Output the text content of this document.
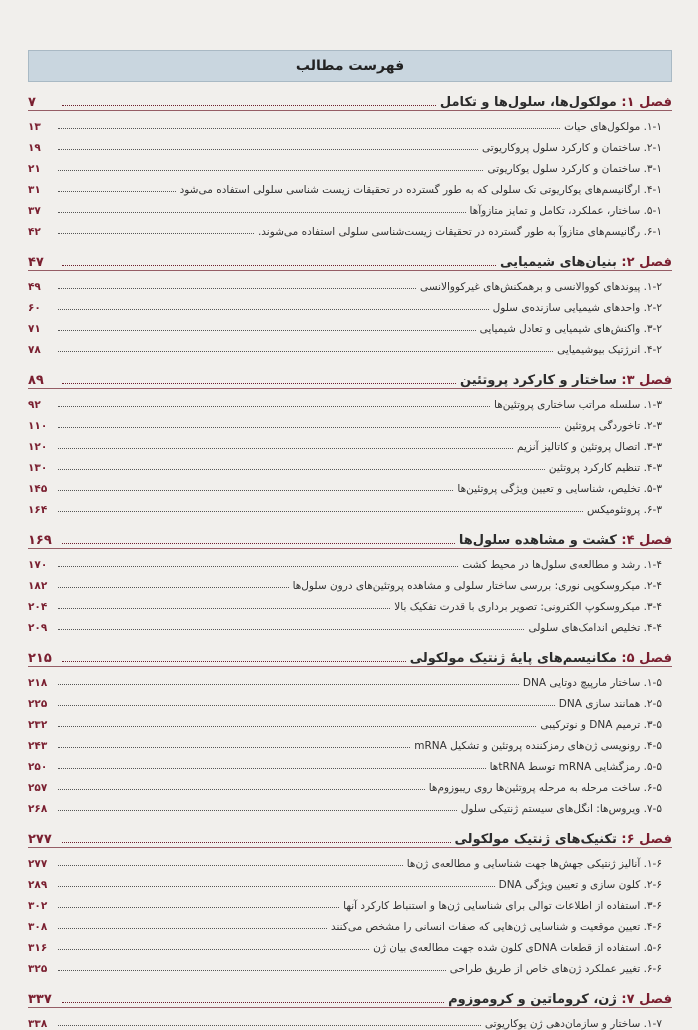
فهرست مطالب
فصل ۱: مولکول‌ها، سلول‌ها و تکامل
۷
۱-۱. مولکول‌های حیات
۱۳
۲-۱. ساختمان و کارکرد سلول پروکاریوتی
۱۹
۳-۱. ساختمان و کارکرد سلول یوکاریوتی
۲۱
۴-۱. ارگانیسم‌های یوکاریوتی تک سلولی که به طور گسترده در تحقیقات زیست شناسی سلولی استفاده می‌شود
۳۱
۵-۱. ساختار، عملکرد، تکامل و تمایز متازوآها
۳۷
۶-۱. رگانیسم‌های متازوآ به طور گسترده در تحقیقات زیست‌شناسی سلولی استفاده می‌شوند.
۴۲
فصل ۲: بنیان‌های شیمیایی
۴۷
۱-۲. پیوندهای کووالانسی و برهمکنش‌های غیرکووالانسی
۴۹
۲-۲. واحدهای شیمیایی سازنده‌ی سلول
۶۰
۳-۲. واکنش‌های شیمیایی و تعادل شیمیایی
۷۱
۴-۲. انرژتیک بیوشیمیایی
۷۸
فصل ۳: ساختار و کارکرد پروتئین
۸۹
۱-۳. سلسله مراتب ساختاری پروتئین‌ها
۹۲
۲-۳. تاخوردگی پروتئین
۱۱۰
۳-۳. اتصال پروتئین و کاتالیز آنزیم
۱۲۰
۴-۳. تنظیم کارکرد پروتئین
۱۳۰
۵-۳. تخلیص، شناسایی و تعیین ویژگی پروتئین‌ها
۱۴۵
۶-۳. پروتئومیکس
۱۶۴
فصل ۴: کشت و مشاهده سلول‌ها
۱۶۹
۱-۴. رشد و مطالعه‌ی سلول‌ها در محیط کشت
۱۷۰
۲-۴. میکروسکوپی نوری: بررسی ساختار سلولی و مشاهده پروتئین‌های درون سلول‌ها
۱۸۲
۳-۴. میکروسکوپ الکترونی: تصویر برداری با قدرت تفکیک بالا
۲۰۴
۴-۴. تخلیص اندامک‌های سلولی
۲۰۹
فصل ۵: مکانیسم‌های پایهٔ ژنتیک مولکولی
۲۱۵
۱-۵. ساختار مارپیچ دوتایی DNA
۲۱۸
۲-۵. همانند سازی DNA
۲۲۵
۳-۵. ترمیم DNA و نوترکیبی
۲۳۲
۴-۵. رونویسی ژن‌های رمزکننده پروتئین و تشکیل mRNA
۲۴۳
۵-۵. رمزگشایی mRNA توسط tRNAها
۲۵۰
۶-۵. ساخت مرحله به مرحله پروتئین‌ها روی ریبوزوم‌ها
۲۵۷
۷-۵. ویروس‌ها: انگل‌های سیستم ژنتیکی سلول
۲۶۸
فصل ۶: تکنیک‌های ژنتیک مولکولی
۲۷۷
۱-۶. آنالیز ژنتیکی جهش‌ها جهت شناسایی و مطالعه‌ی ژن‌ها
۲۷۷
۲-۶. کلون سازی و تعیین ویژگی DNA
۲۸۹
۳-۶. استفاده از اطلاعات توالی برای شناسایی ژن‌ها و استنباط کارکرد آنها
۳۰۲
۴-۶. تعیین موقعیت و شناسایی ژن‌هایی که صفات انسانی را مشخص می‌کنند
۳۰۸
۵-۶. استفاده از قطعات DNAی کلون شده جهت مطالعه‌ی بیان ژن
۳۱۶
۶-۶. تغییر عملکرد ژن‌های خاص از طریق طراحی
۳۲۵
فصل ۷: ژن، کروماتین و کروموزوم
۳۳۷
۱-۷. ساختار و سازمان‌دهی ژن یوکاریوتی
۳۳۸
